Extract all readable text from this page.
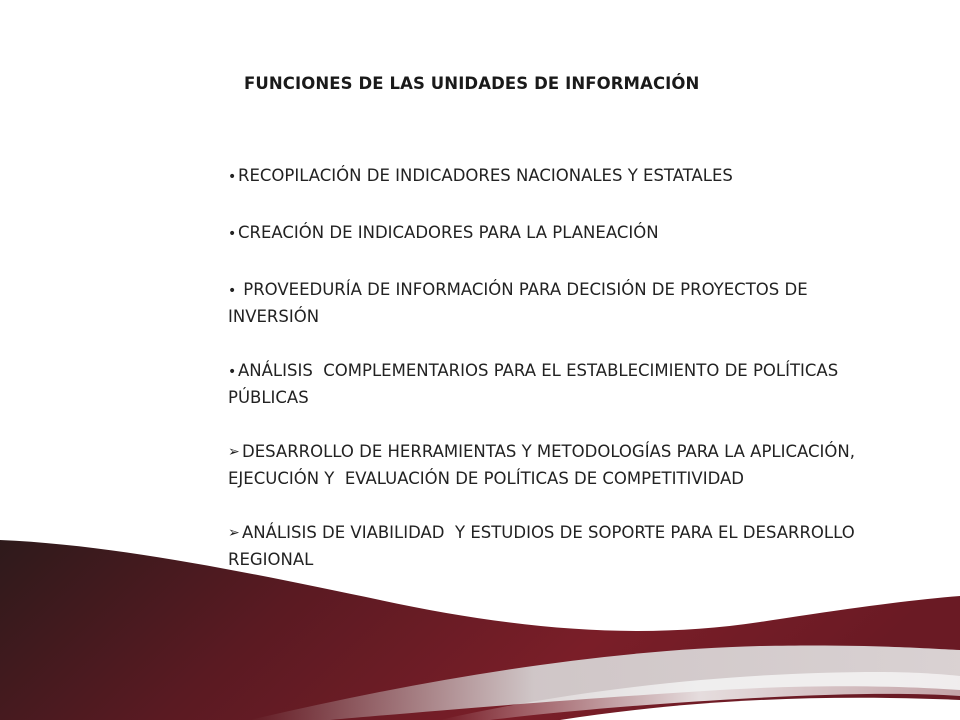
FUNCIONES DE LAS UNIDADES DE INFORMACIÓN
• RECOPILACIÓN DE INDICADORES NACIONALES Y ESTATALES
• CREACIÓN DE INDICADORES PARA LA PLANEACIÓN
• PROVEEDURÍA DE INFORMACIÓN PARA DECISIÓN DE PROYECTOS DE INVERSIÓN
• ANÁLISIS  COMPLEMENTARIOS PARA EL ESTABLECIMIENTO DE POLÍTICAS PÚBLICAS
➢ DESARROLLO DE HERRAMIENTAS Y METODOLOGÍAS PARA LA APLICACIÓN,   EJECUCIÓN Y  EVALUACIÓN DE POLÍTICAS DE COMPETITIVIDAD
➢ ANÁLISIS DE VIABILIDAD  Y ESTUDIOS DE SOPORTE PARA EL DESARROLLO  REGIONAL
